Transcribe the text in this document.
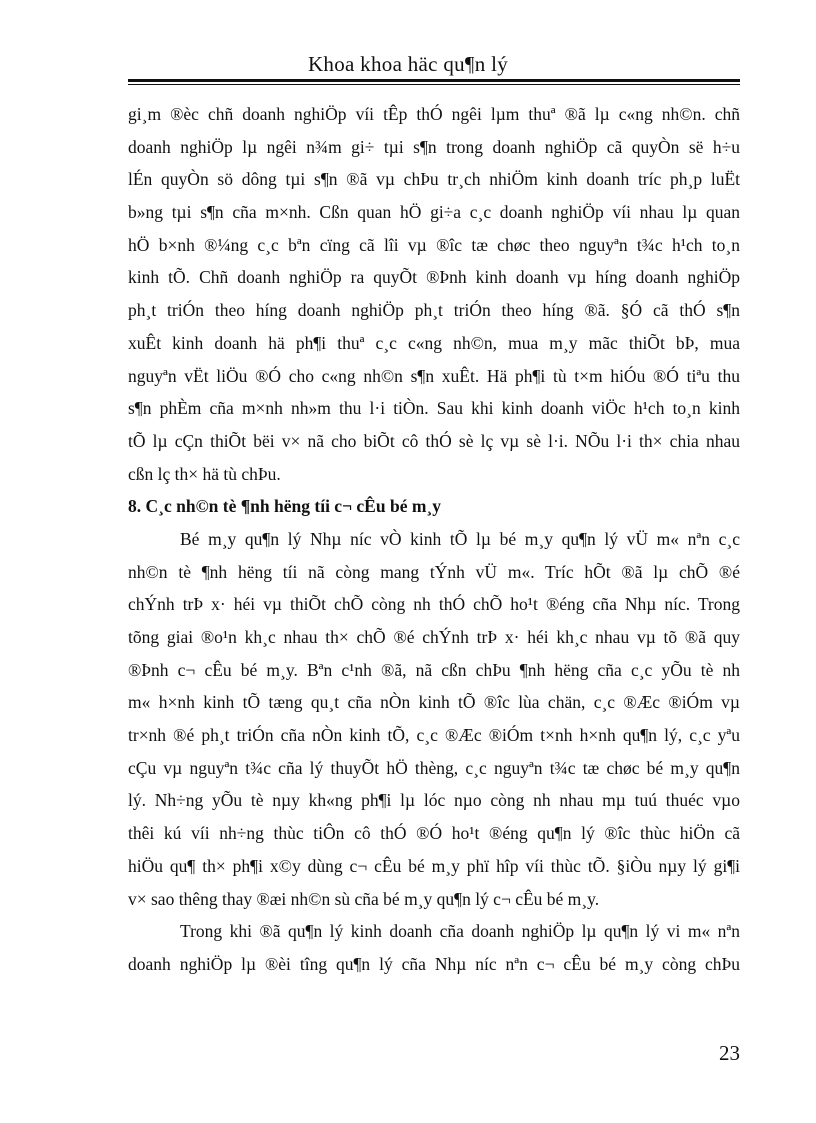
Khoa khoa häc qu¶n lý
gi¸m ®èc chñ doanh nghiÖp víi tÊp thÓ ngêi lµm thuª ®ã lµ c«ng nh©n. chñ
doanh nghiÖp lµ ngêi n¾m gi÷ tµi s¶n trong doanh nghiÖp cã quyÒn së h÷u
lÉn quyÒn sö dông tµi s¶n ®ã vµ chÞu tr¸ch nhiÖm kinh doanh tríc ph¸p luËt
b»ng tµi s¶n cña m×nh. Cßn quan hÖ gi÷a c¸c doanh nghiÖp víi nhau lµ quan
hÖ b×nh ®¼ng c¸c bªn cïng cã lîi vµ ®îc tæ chøc theo nguyªn t¾c h¹ch to¸n
kinh tÕ. Chñ doanh nghiÖp ra quyÕt ®Þnh kinh doanh vµ híng doanh nghiÖp
ph¸t triÓn theo híng doanh nghiÖp ph¸t triÓn theo híng ®ã. §Ó cã thÓ s¶n
xuÊt kinh doanh hä ph¶i thuª c¸c c«ng nh©n, mua m¸y mãc thiÕt bÞ, mua
nguyªn vËt liÖu ®Ó cho c«ng nh©n s¶n xuÊt. Hä ph¶i tù t×m hiÓu ®Ó tiªu thu
s¶n phÈm cña m×nh nh»m thu l·i tiÒn. Sau khi kinh doanh viÖc h¹ch to¸n kinh
tÕ lµ cÇn thiÕt bëi v× nã cho biÕt cô thÓ sè lç vµ sè l·i. NÕu l·i th× chia nhau
cßn lç th× hä tù chÞu.
8. C¸c nh©n tè ¶nh hëng tíi c¬ cÊu bé m¸y
Bé m¸y qu¶n lý Nhµ níc vÒ kinh tÕ lµ bé m¸y qu¶n lý vÜ m« nªn c¸c
nh©n tè ¶nh hëng tíi nã còng mang tÝnh vÜ m«. Tríc hÕt ®ã lµ chÕ ®é
chÝnh trÞ x· héi vµ thiÕt chÕ còng nh thÓ chÕ ho¹t ®éng cña Nhµ níc. Trong
tõng giai ®o¹n kh¸c nhau th× chÕ ®é chÝnh trÞ x· héi kh¸c nhau vµ tõ ®ã quy
®Þnh c¬ cÊu bé m¸y. Bªn c¹nh ®ã, nã cßn chÞu ¶nh hëng cña c¸c yÕu tè nh
m« h×nh kinh tÕ tæng qu¸t cña nÒn kinh tÕ ®îc lùa chän, c¸c ®Æc ®iÓm vµ
tr×nh ®é ph¸t triÓn cña nÒn kinh tÕ, c¸c ®Æc ®iÓm t×nh h×nh qu¶n lý, c¸c yªu
cÇu vµ nguyªn t¾c cña lý thuyÕt hÖ thèng, c¸c nguyªn t¾c tæ chøc bé m¸y qu¶n
lý. Nh÷ng yÕu tè nµy kh«ng ph¶i lµ lóc nµo còng nh nhau mµ tuú thuéc vµo
thêi kú víi nh÷ng thùc tiÔn cô thÓ ®Ó ho¹t ®éng qu¶n lý ®îc thùc hiÖn cã
hiÖu qu¶ th× ph¶i x©y dùng c¬ cÊu bé m¸y phï hîp víi thùc tÕ. §iÒu nµy lý gi¶i
v× sao thêng thay ®æi nh©n sù cña bé m¸y qu¶n lý c¬ cÊu bé m¸y.
Trong khi ®ã qu¶n lý kinh doanh cña doanh nghiÖp lµ qu¶n lý vi m« nªn
doanh nghiÖp lµ ®èi tîng qu¶n lý cña Nhµ níc nªn c¬ cÊu bé m¸y còng chÞu
23
